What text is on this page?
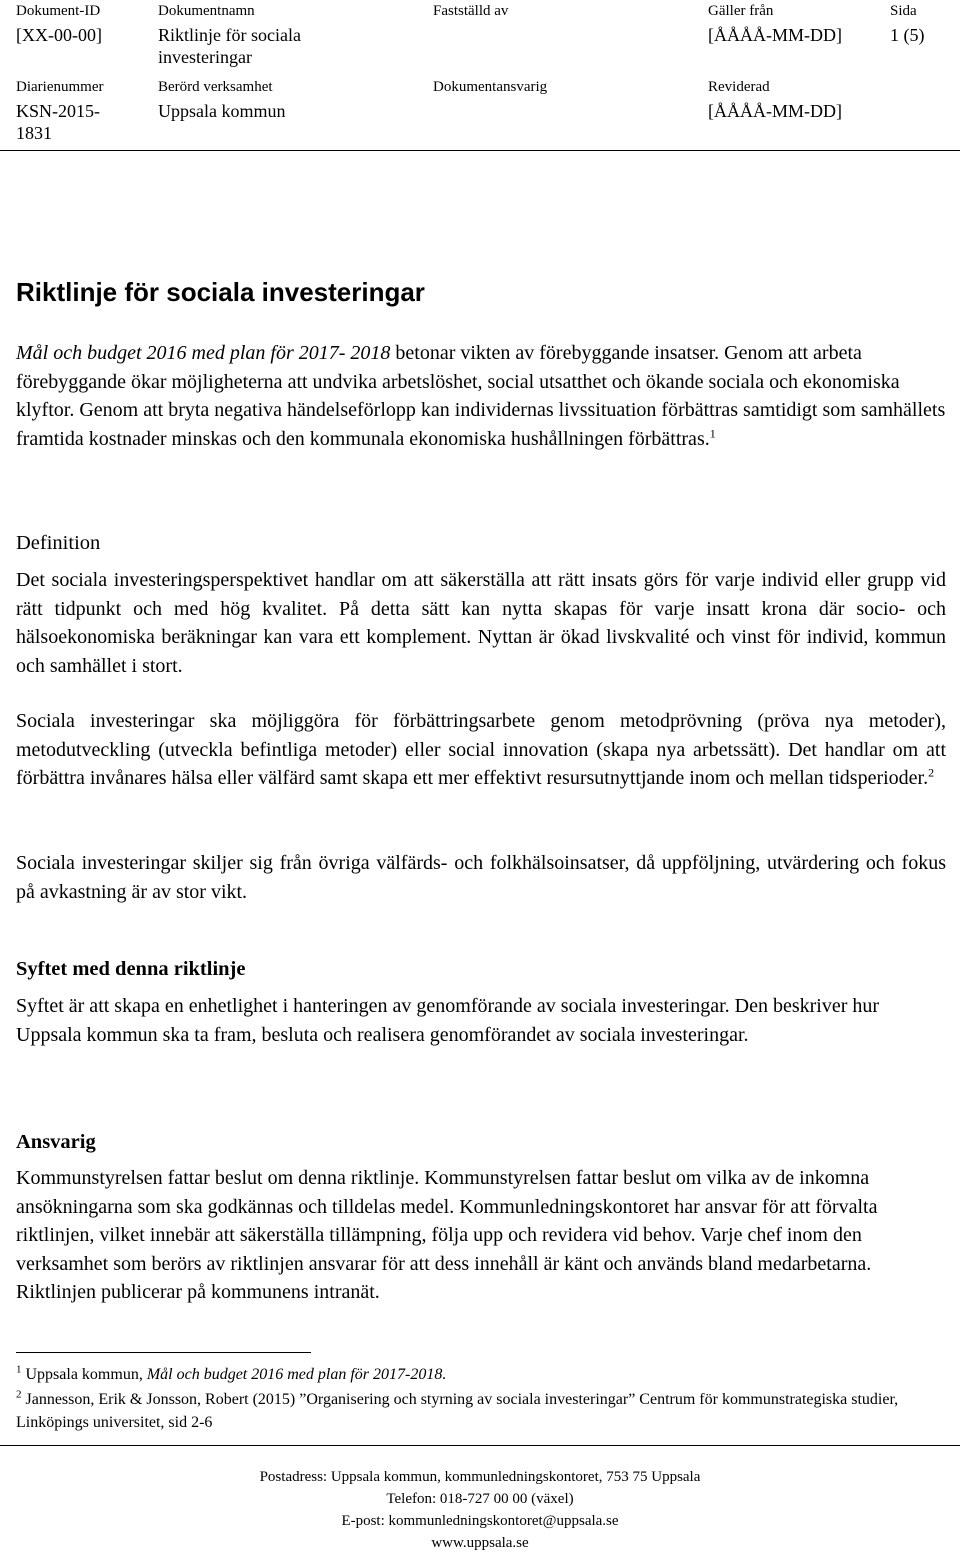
Dokument-ID
[XX-00-00]
Dokumentnamn
Riktlinje för sociala
investeringar
Fastställd av	Gäller från
[ÅÅÅÅ-MM-DD]
Sida
1 (5)
Diarienummer
KSN-2015-
1831
Berörd verksamhet
Uppsala kommun
Dokumentansvarig	Reviderad
[ÅÅÅÅ-MM-DD]
Riktlinje för sociala investeringar

Mål och budget 2016 med plan för 2017- 2018 betonar vikten av förebyggande insatser. Genom att arbeta förebyggande ökar möjligheterna att undvika arbetslöshet, social utsatthet och ökande sociala och ekonomiska klyftor. Genom att bryta negativa händelseförlopp kan individernas livssituation förbättras samtidigt som samhällets framtida kostnader minskas och den kommunala ekonomiska hushållningen förbättras.$^1$

Definition

Det sociala investeringsperspektivet handlar om att säkerställa att rätt insats görs för varje individ eller grupp vid rätt tidpunkt och med hög kvalitet. På detta sätt kan nytta skapas för varje insatt krona där socio- och hälsoekonomiska beräkningar kan vara ett komplement. Nyttan är ökad livskvalité och vinst för individ, kommun och samhället i stort.

Sociala investeringar ska möjliggöra för förbättringsarbete genom metodprövning (pröva nya metoder), metodutveckling (utveckla befintliga metoder) eller social innovation (skapa nya arbetssätt). Det handlar om att förbättra invånares hälsa eller välfärd samt skapa ett mer effektivt resursutnyttjande inom och mellan tidsperioder.$^2$

Sociala investeringar skiljer sig från övriga välfärds- och folkhälsoinsatser, då uppföljning, utvärdering och fokus på avkastning är av stor vikt.

Syftet med denna riktlinje

Syftet är att skapa en enhetlighet i hanteringen av genomförande av sociala investeringar. Den beskriver hur Uppsala kommun ska ta fram, besluta och realisera genomförandet av sociala investeringar.

Ansvarig

Kommunstyrelsen fattar beslut om denna riktlinje. Kommunstyrelsen fattar beslut om vilka av de inkomna ansökningarna som ska godkännas och tilldelas medel. Kommunledningskontoret har ansvar för att förvalta riktlinjen, vilket innebär att säkerställa tillämpning, följa upp och revidera vid behov. Varje chef inom den verksamhet som berörs av riktlinjen ansvarar för att dess innehåll är känt och används bland medarbetarna. Riktlinjen publicerar på kommunens intranät.

$^1$ Uppsala kommun, Mål och budget 2016 med plan för 2017-2018.
$^2$ Jannesson, Erik & Jonsson, Robert (2015) ”Organisering och styrning av sociala investeringar” Centrum för kommunstrategiska studier, Linköpings universitet, sid 2-6
Postadress: Uppsala kommun, kommunledningskontoret, 753 75 Uppsala
Telefon: 018-727 00 00 (växel)
E-post: kommunledningskontoret@uppsala.se
www.uppsala.se
